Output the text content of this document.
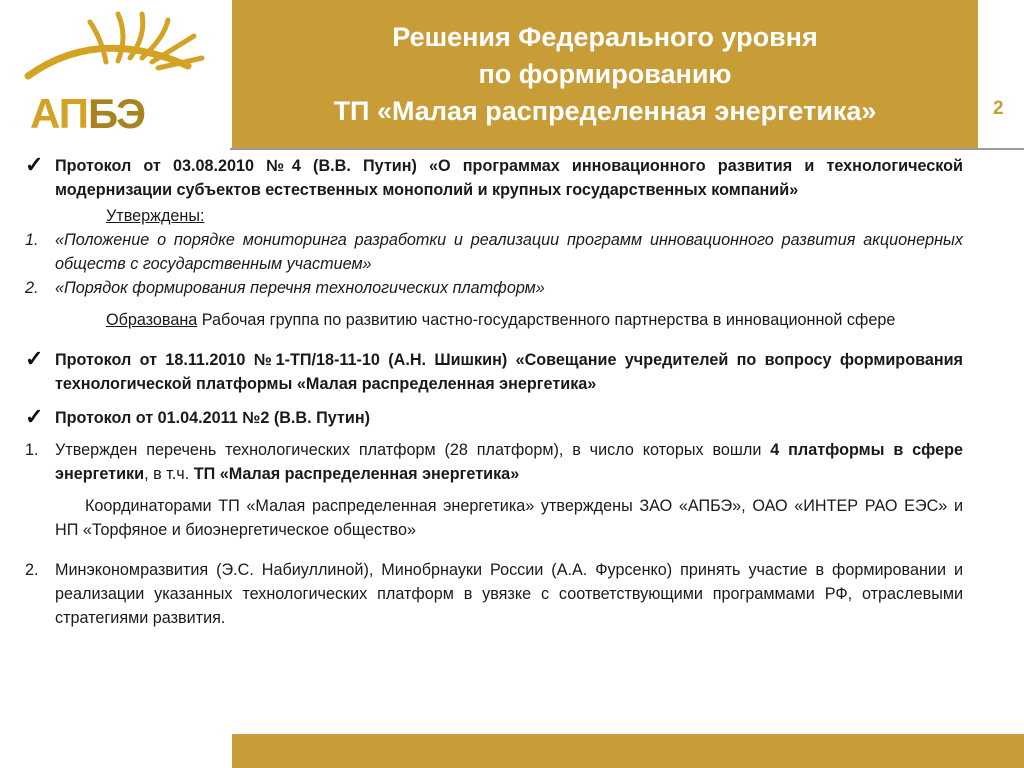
АПБЭ
Решения Федерального уровня
по формированию
ТП «Малая распределенная энергетика»	2
✓ Протокол от 03.08.2010 №4 (В.В. Путин) «О программах инновационного развития и технологической модернизации субъектов естественных монополий и крупных государственных компаний»
Утверждены:
1.	«Положение о порядке мониторинга разработки и реализации программ инновационного развития акционерных обществ с государственным участием»
2.	«Порядок формирования перечня технологических платформ»
Образована Рабочая группа по развитию частно-государственного партнерства в инновационной сфере
✓ Протокол от 18.11.2010 №1-ТП/18-11-10 (А.Н. Шишкин) «Совещание учредителей по вопросу формирования технологической платформы «Малая распределенная энергетика»
✓ Протокол от 01.04.2011 №2 (В.В. Путин)
1.	Утвержден перечень технологических платформ (28 платформ), в число которых вошли 4 платформы в сфере энергетики, в т.ч. ТП «Малая распределенная энергетика»
Координаторами ТП «Малая распределенная энергетика» утверждены ЗАО «АПБЭ», ОАО «ИНТЕР РАО ЕЭС» и НП «Торфяное и биоэнергетическое общество»
2.	Минэкономразвития (Э.С. Набиуллиной), Минобрнауки России (А.А. Фурсенко) принять участие в формировании и реализации указанных технологических платформ в увязке с соответствующими программами РФ, отраслевыми стратегиями развития.
